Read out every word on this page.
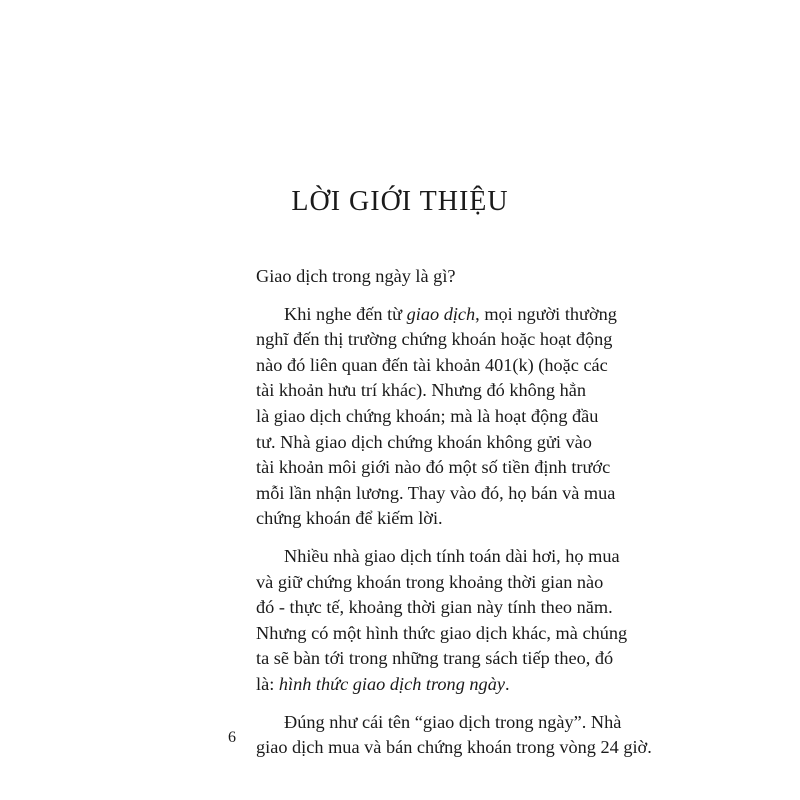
LỜI GIỚI THIỆU

Giao dịch trong ngày là gì?

Khi nghe đến từ giao dịch, mọi người thường
nghĩ đến thị trường chứng khoán hoặc hoạt động
nào đó liên quan đến tài khoản 401(k) (hoặc các
tài khoản hưu trí khác). Nhưng đó không hẳn
là giao dịch chứng khoán; mà là hoạt động đầu
tư. Nhà giao dịch chứng khoán không gửi vào
tài khoản môi giới nào đó một số tiền định trước
mỗi lần nhận lương. Thay vào đó, họ bán và mua
chứng khoán để kiếm lời.

Nhiều nhà giao dịch tính toán dài hơi, họ mua
và giữ chứng khoán trong khoảng thời gian nào
đó - thực tế, khoảng thời gian này tính theo năm.
Nhưng có một hình thức giao dịch khác, mà chúng
ta sẽ bàn tới trong những trang sách tiếp theo, đó
là: hình thức giao dịch trong ngày.

Đúng như cái tên “giao dịch trong ngày”. Nhà
giao dịch mua và bán chứng khoán trong vòng 24 giờ.

6
